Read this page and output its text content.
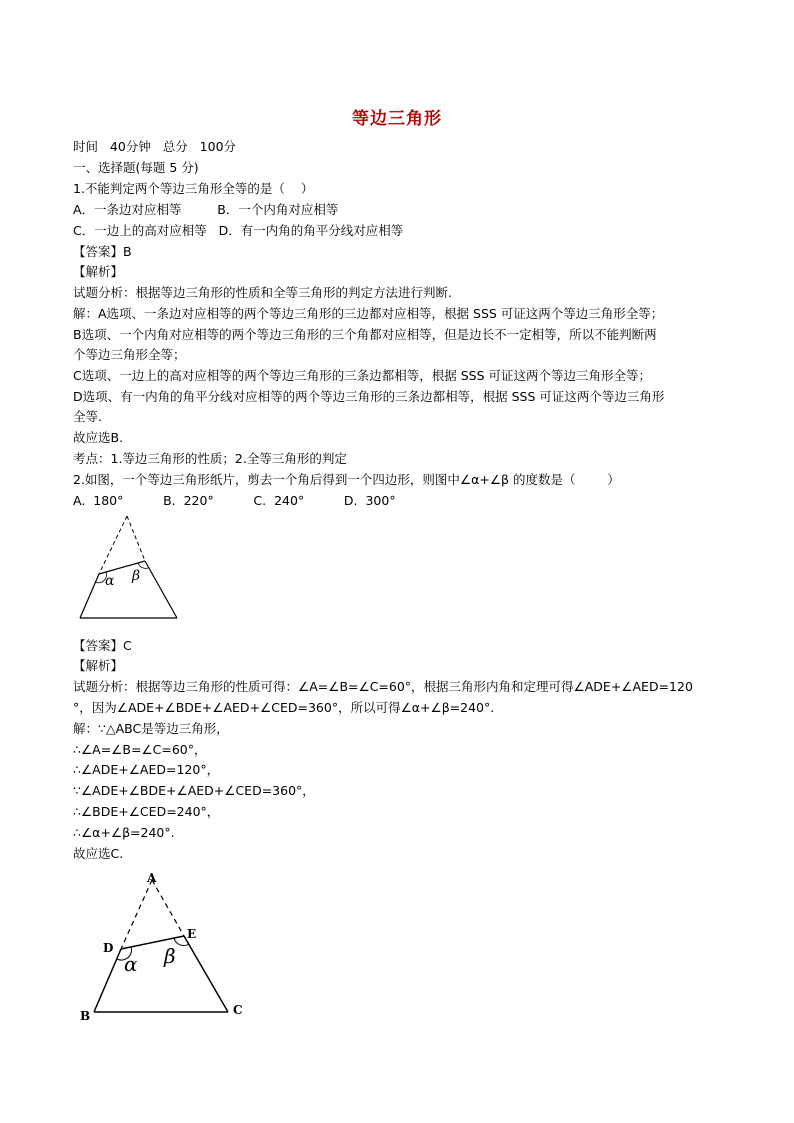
等边三角形
时间   40分钟   总分   100分
一、选择题(每题 5 分)
1.不能判定两个等边三角形全等的是（    ）
A．一条边对应相等         B．一个内角对应相等
C．一边上的高对应相等   D．有一内角的角平分线对应相等
【答案】B
【解析】
试题分析：根据等边三角形的性质和全等三角形的判定方法进行判断.
解：A选项、一条边对应相等的两个等边三角形的三边都对应相等，根据 SSS 可证这两个等边三角形全等；
B选项、一个内角对应相等的两个等边三角形的三个角都对应相等，但是边长不一定相等，所以不能判断两
个等边三角形全等；
C选项、一边上的高对应相等的两个等边三角形的三条边都相等，根据 SSS 可证这两个等边三角形全等；
D选项、有一内角的角平分线对应相等的两个等边三角形的三条边都相等，根据 SSS 可证这两个等边三角形
全等.
故应选B.
考点：1.等边三角形的性质；2.全等三角形的判定
2.如图，一个等边三角形纸片，剪去一个角后得到一个四边形，则图中∠α+∠β 的度数是（        ）
A.  180°          B.  220°          C.  240°          D.  300°
α β
【答案】C
【解析】
试题分析：根据等边三角形的性质可得：∠A=∠B=∠C=60°，根据三角形内角和定理可得∠ADE+∠AED=120
°，因为∠ADE+∠BDE+∠AED+∠CED=360°，所以可得∠α+∠β=240°.
解：∵△ABC是等边三角形，
∴∠A=∠B=∠C=60°，
∴∠ADE+∠AED=120°，
∵∠ADE+∠BDE+∠AED+∠CED=360°，
∴∠BDE+∠CED=240°，
∴∠α+∠β=240°.
故应选C.
A
B	C
D
E
α β
